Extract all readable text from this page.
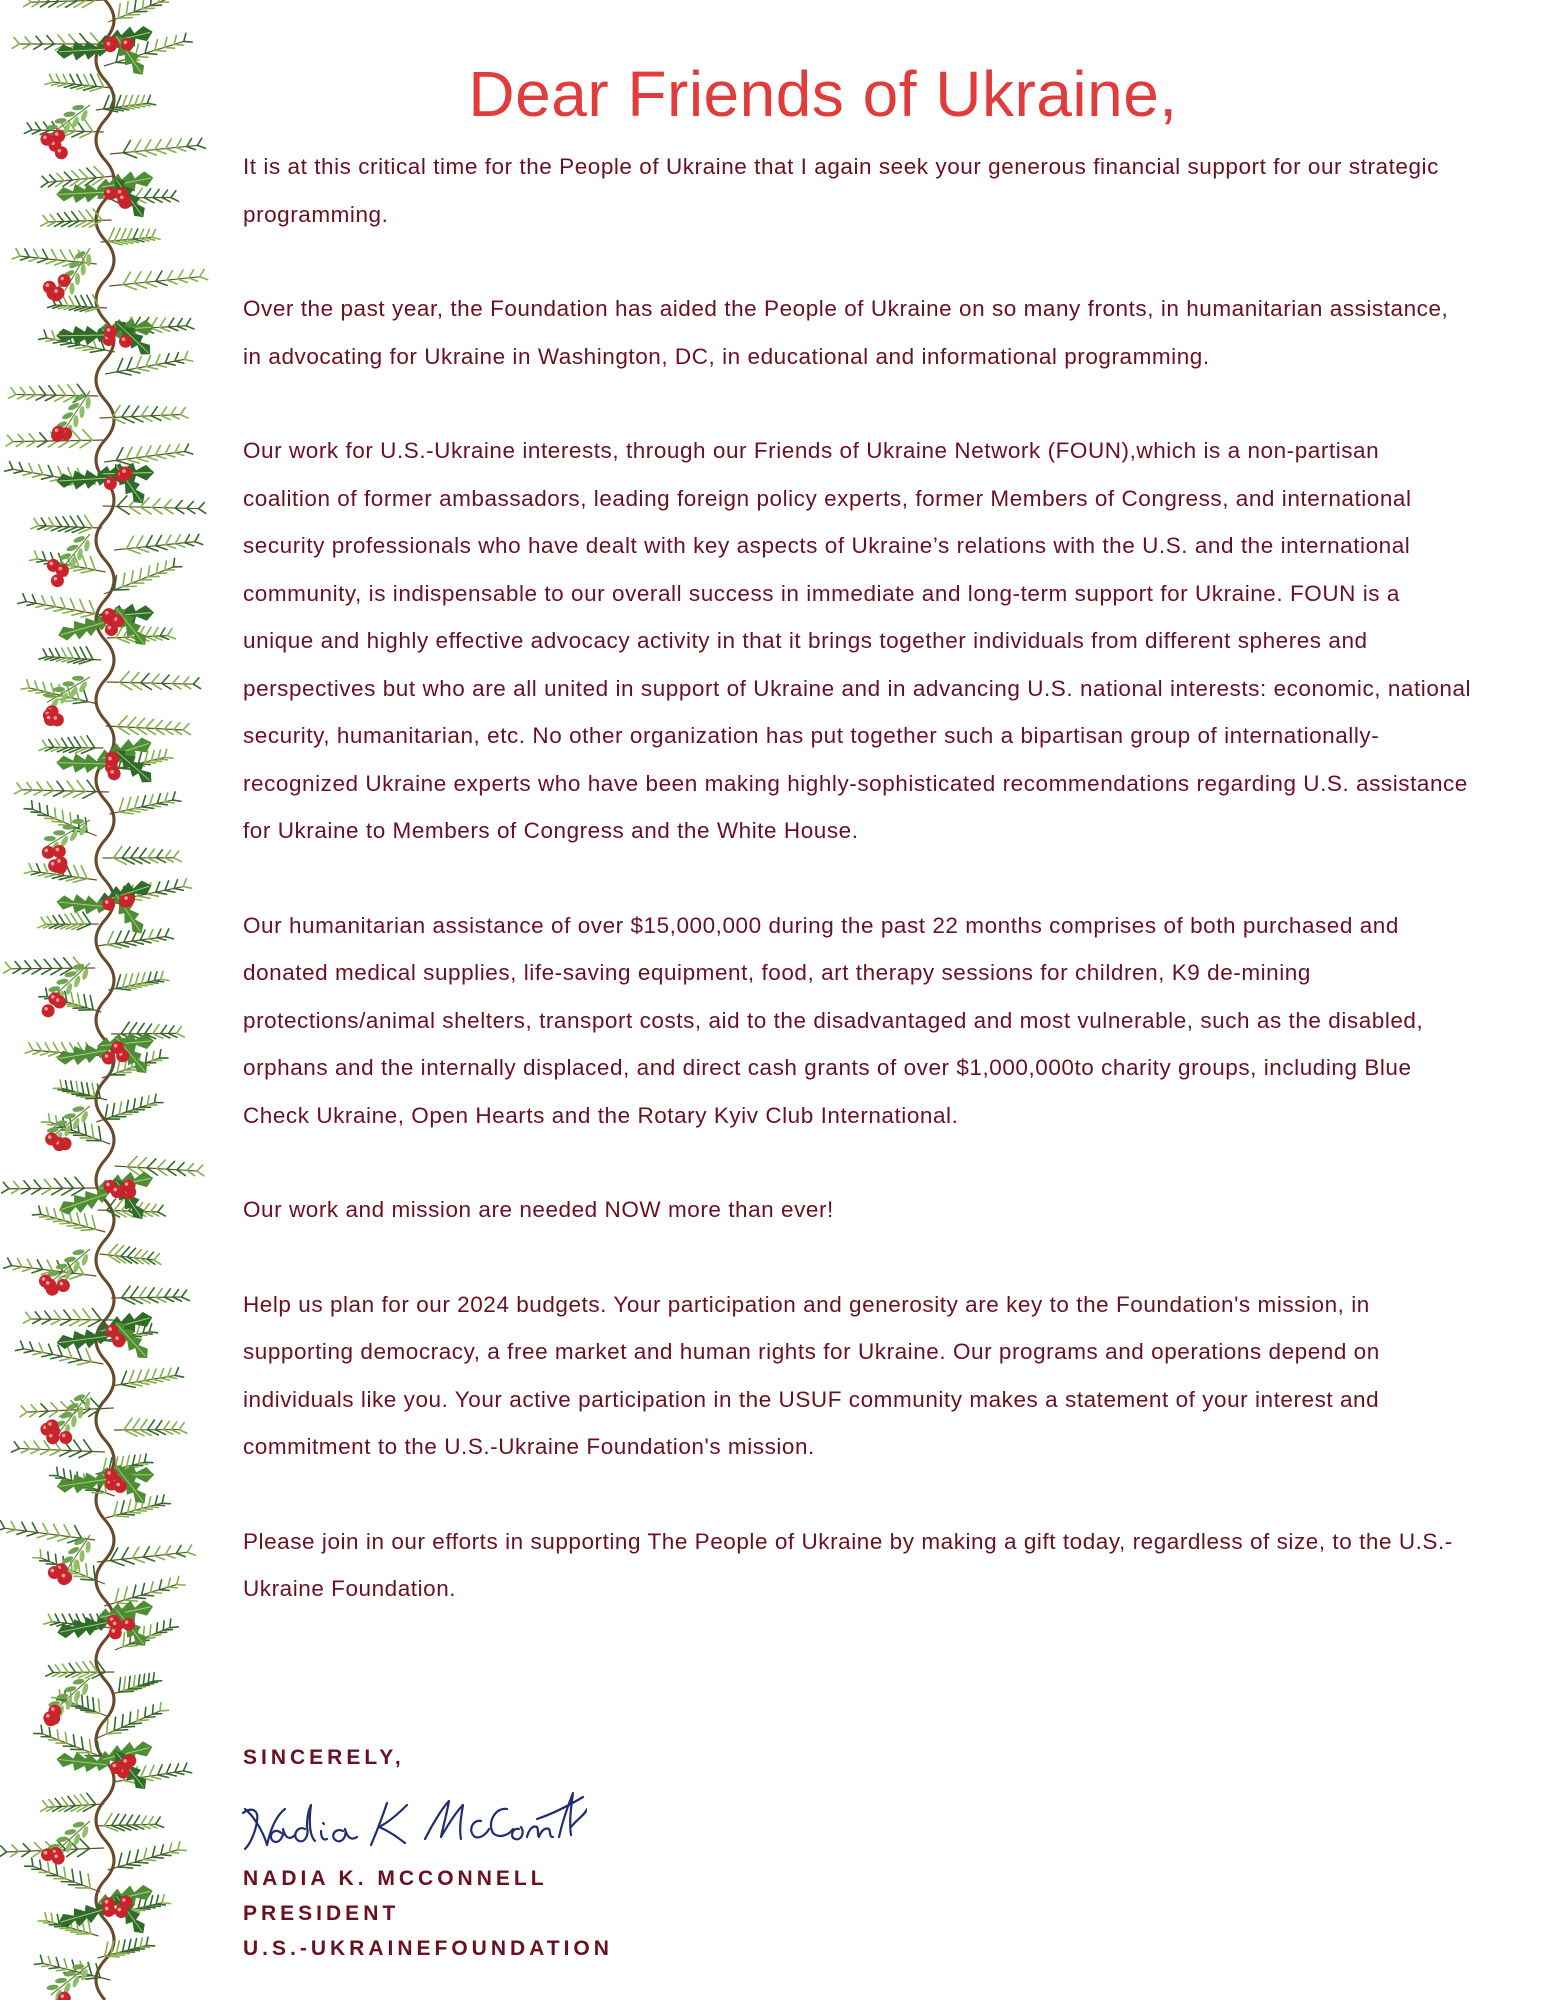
Dear Friends of Ukraine,

It is at this critical time for the People of Ukraine that I again seek your generous financial support for our strategic programming.

Over the past year, the Foundation has aided the People of Ukraine on so many fronts, in humanitarian assistance, in advocating for Ukraine in Washington, DC, in educational and informational programming.

Our work for U.S.-Ukraine interests, through our Friends of Ukraine Network (FOUN),which is a non-partisan coalition of former ambassadors, leading foreign policy experts, former Members of Congress, and international security professionals who have dealt with key aspects of Ukraine’s relations with the U.S. and the international community, is indispensable to our overall success in immediate and long-term support for Ukraine. FOUN is a unique and highly effective advocacy activity in that it brings together individuals from different spheres and perspectives but who are all united in support of Ukraine and in advancing U.S. national interests: economic, national security, humanitarian, etc. No other organization has put together such a bipartisan group of internationally-recognized Ukraine experts who have been making highly-sophisticated recommendations regarding U.S. assistance for Ukraine to Members of Congress and the White House.

Our humanitarian assistance of over $15,000,000 during the past 22 months comprises of both purchased and donated medical supplies, life-saving equipment, food, art therapy sessions for children, K9 de-mining protections/animal shelters, transport costs, aid to the disadvantaged and most vulnerable, such as the disabled, orphans and the internally displaced, and direct cash grants of over $1,000,000to charity groups, including Blue Check Ukraine, Open Hearts and the Rotary Kyiv Club International.

Our work and mission are needed NOW more than ever!

Help us plan for our 2024 budgets. Your participation and generosity are key to the Foundation's mission, in supporting democracy, a free market and human rights for Ukraine. Our programs and operations depend on individuals like you. Your active participation in the USUF community makes a statement of your interest and commitment to the U.S.-Ukraine Foundation's mission.

Please join in our efforts in supporting The People of Ukraine by making a gift today, regardless of size, to the U.S.-Ukraine Foundation.

SINCERELY,

NADIA K. MCCONNELL

PRESIDENT

U.S.-UKRAINEFOUNDATION
